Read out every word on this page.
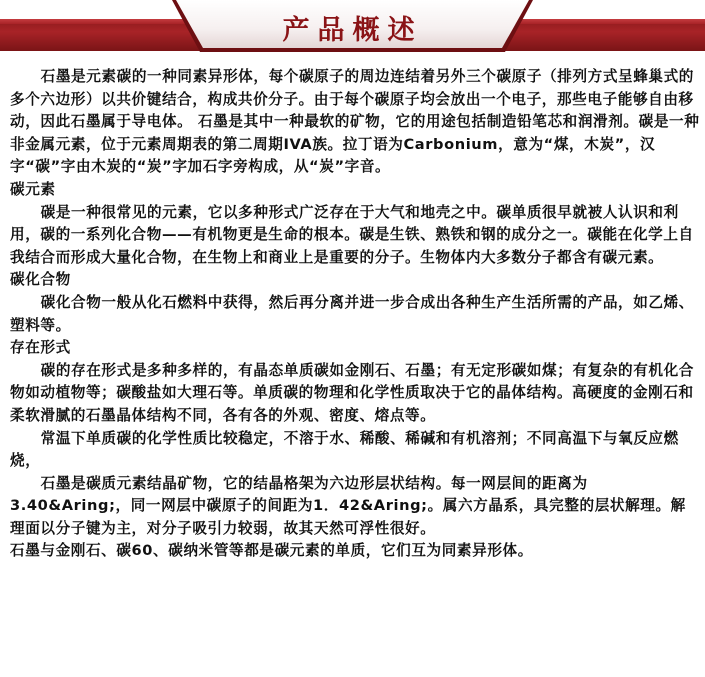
产品概述

石墨是元素碳的一种同素异形体，每个碳原子的周边连结着另外三个碳原子（排列方式呈蜂巢式的多个六边形）以共价键结合，构成共价分子。由于每个碳原子均会放出一个电子，那些电子能够自由移动，因此石墨属于导电体。 石墨是其中一种最软的矿物，它的用途包括制造铅笔芯和润滑剂。碳是一种非金属元素，位于元素周期表的第二周期IVA族。拉丁语为Carbonium，意为“煤，木炭”，汉字“碳”字由木炭的“炭”字加石字旁构成，从“炭”字音。

碳元素

碳是一种很常见的元素，它以多种形式广泛存在于大气和地壳之中。碳单质很早就被人认识和利用，碳的一系列化合物——有机物更是生命的根本。碳是生铁、熟铁和钢的成分之一。碳能在化学上自我结合而形成大量化合物，在生物上和商业上是重要的分子。生物体内大多数分子都含有碳元素。

碳化合物

碳化合物一般从化石燃料中获得，然后再分离并进一步合成出各种生产生活所需的产品，如乙烯、塑料等。

存在形式

碳的存在形式是多种多样的，有晶态单质碳如金刚石、石墨；有无定形碳如煤；有复杂的有机化合物如动植物等；碳酸盐如大理石等。单质碳的物理和化学性质取决于它的晶体结构。高硬度的金刚石和柔软滑腻的石墨晶体结构不同，各有各的外观、密度、熔点等。

常温下单质碳的化学性质比较稳定，不溶于水、稀酸、稀碱和有机溶剂；不同高温下与氧反应燃烧，

石墨是碳质元素结晶矿物，它的结晶格架为六边形层状结构。每一网层间的距离为3.40&Aring;，同一网层中碳原子的间距为1．42&Aring;。属六方晶系，具完整的层状解理。解理面以分子键为主，对分子吸引力较弱，故其天然可浮性很好。

石墨与金刚石、碳60、碳纳米管等都是碳元素的单质，它们互为同素异形体。
